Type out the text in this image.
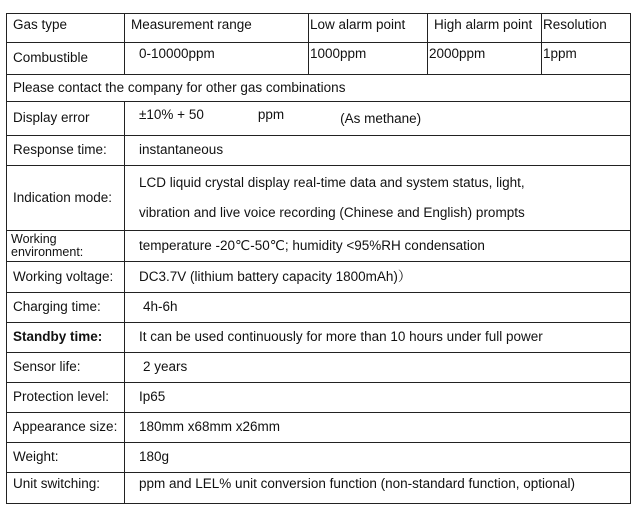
Gas type	Measurement range	Low alarm point	High alarm point	Resolution
Combustible	0-10000ppm	1000ppm	2000ppm	1ppm
Please contact the company for other gas combinations				
Display error	±10% + 50 ppm (As methane)			
Response time:	instantaneous			
Indication mode:	LCD liquid crystal display real-time data and system status, light, vibration and live voice recording (Chinese and English) prompts			
Working environment:	temperature -20℃-50℃; humidity <95%RH condensation			
Working voltage:	DC3.7V (lithium battery capacity 1800mAh)）			
Charging time:	4h-6h			
Standby time:	It can be used continuously for more than 10 hours under full power			
Sensor life:	2 years			
Protection level:	Ip65			
Appearance size:	180mm x68mm x26mm			
Weight:	180g			
Unit switching:	ppm and LEL% unit conversion function (non-standard function, optional)			
